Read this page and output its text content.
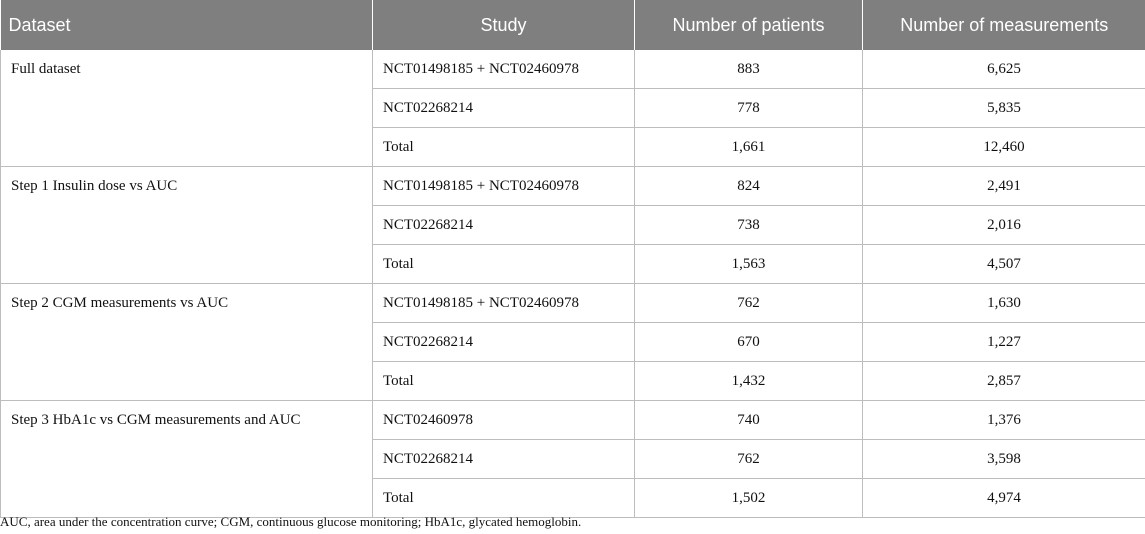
Dataset	Study	Number of patients	Number of measurements
Full dataset	NCT01498185 + NCT02460978	883	6,625
	NCT02268214	778	5,835
	Total	1,661	12,460
Step 1 Insulin dose vs AUC	NCT01498185 + NCT02460978	824	2,491
	NCT02268214	738	2,016
	Total	1,563	4,507
Step 2 CGM measurements vs AUC	NCT01498185 + NCT02460978	762	1,630
	NCT02268214	670	1,227
	Total	1,432	2,857
Step 3 HbA1c vs CGM measurements and AUC	NCT02460978	740	1,376
	NCT02268214	762	3,598
	Total	1,502	4,974
AUC, area under the concentration curve; CGM, continuous glucose monitoring; HbA1c, glycated hemoglobin.
